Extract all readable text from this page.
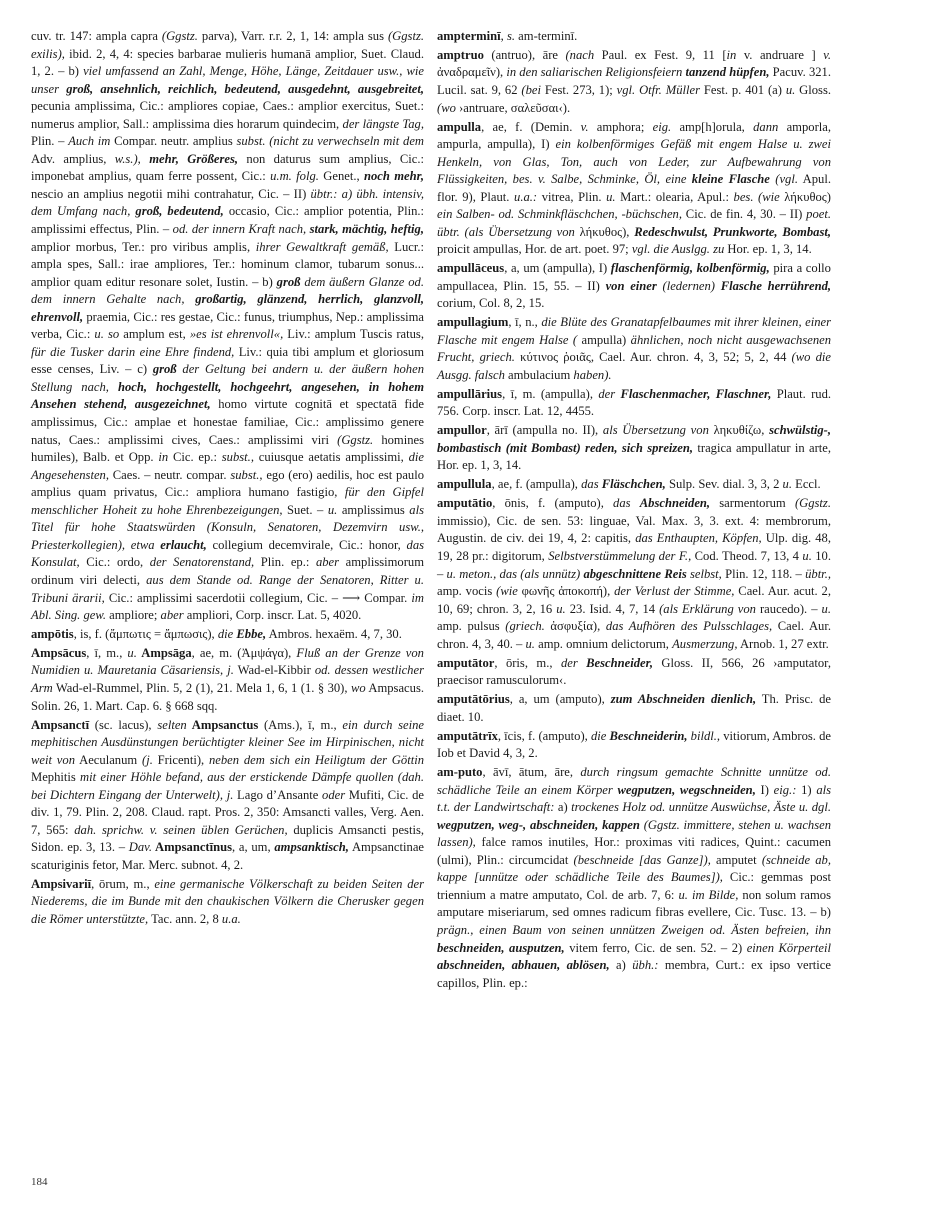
cuv. tr. 147: ampla capra (Ggstz. parva), Varr. r.r. 2, 1, 14: ampla sus (Ggstz. exilis), ibid. 2, 4, 4: species barbarae mulieris humanā amplior, Suet. Claud. 1, 2. – b) viel umfassend an Zahl, Menge, Höhe, Länge, Zeitdauer usw., wie unser groß, ansehnlich, reichlich, bedeutend, ausgedehnt, ausgebreitet, pecunia amplissima, Cic.: ampliores copiae, Caes.: amplior exercitus, Suet.: numerus amplior, Sall.: amplissima dies horarum quindecim, der längste Tag, Plin. – Auch im Compar. neutr. amplius subst. (nicht zu verwechseln mit dem Adv. amplius, w.s.), mehr, Größeres, non daturus sum amplius, Cic.: imponebat amplius, quam ferre possent, Cic.: u.m. folg. Genet., noch mehr, nescio an amplius negotii mihi contrahatur, Cic. – II) übtr.: a) übh. intensiv, dem Umfang nach, groß, bedeutend, occasio, Cic.: amplior potentia, Plin.: amplissimi effectus, Plin. – od. der innern Kraft nach, stark, mächtig, heftig, amplior morbus, Ter.: pro viribus amplis, ihrer Gewaltkraft gemäß, Lucr.: ampla spes, Sall.: irae ampliores, Ter.: hominum clamor, tubarum sonus... amplior quam editur resonare solet, Iustin. – b) groß dem äußern Glanze od. dem innern Gehalte nach, großartig, glänzend, herrlich, glanzvoll, ehrenvoll, praemia, Cic.: res gestae, Cic.: funus, triumphus, Nep.: amplissima verba, Cic.: u. so amplum est, »es ist ehrenvoll«, Liv.: amplum Tuscis ratus, für die Tusker darin eine Ehre findend, Liv.: quia tibi amplum et gloriosum esse censes, Liv. – c) groß der Geltung bei andern u. der äußern hohen Stellung nach, hoch, hochgestellt, hochgeehrt, angesehen, in hohem Ansehen stehend, ausgezeichnet, homo virtute cognitā et spectatā fide amplissimus, Cic.: amplae et honestae familiae, Cic.: amplissimo genere natus, Caes.: amplissimi cives, Caes.: amplissimi viri (Ggstz. homines humiles), Balb. et Opp. in Cic. ep.: subst., cuiusque aetatis amplissimi, die Angesehensten, Caes. – neutr. compar. subst., ego (ero) aedilis, hoc est paulo amplius quam privatus, Cic.: ampliora humano fastigio, für den Gipfel menschlicher Hoheit zu hohe Ehrenbezeigungen, Suet. – u. amplissimus als Titel für hohe Staatswürden (Konsuln, Senatoren, Dezemvirn usw., Priesterkollegien), etwa erlaucht, collegium decemvirale, Cic.: honor, das Konsulat, Cic.: ordo, der Senatorenstand, Plin. ep.: aber amplissimorum ordinum viri delecti, aus dem Stande od. Range der Senatoren, Ritter u. Tribuni ärarii, Cic.: amplissimi sacerdotii collegium, Cic. – ⟶ Compar. im Abl. Sing. gew. ampliore; aber ampliori, Corp. inscr. Lat. 5, 4020.

ampōtis, is, f. (ἄμπωτις = ἄμπωσις), die Ebbe, Ambros. hexaëm. 4, 7, 30.

Ampsācus, ī, m., u. Ampsāga, ae, m. (Ἀμψάγα), Fluß an der Grenze von Numidien u. Mauretania Cäsariensis, j. Wad-el-Kibbir od. dessen westlicher Arm Wad-el-Rummel, Plin. 5, 2 (1), 21. Mela 1, 6, 1 (1. § 30), wo Ampsacus. Solin. 26, 1. Mart. Cap. 6. § 668 sqq.

Ampsanctī (sc. lacus), selten Ampsanctus (Ams.), ī, m., ein durch seine mephitischen Ausdünstungen berüchtigter kleiner See im Hirpinischen, nicht weit von Aeculanum (j. Fricenti), neben dem sich ein Heiligtum der Göttin Mephitis mit einer Höhle befand, aus der erstickende Dämpfe quollen (dah. bei Dichtern Eingang der Unterwelt), j. Lago d’Ansante oder Mufiti, Cic. de div. 1, 79. Plin. 2, 208. Claud. rapt. Pros. 2, 350: Amsancti valles, Verg. Aen. 7, 565: dah. sprichw. v. seinen üblen Gerüchen, duplicis Amsancti pestis, Sidon. ep. 3, 13. – Dav. Ampsanctīnus, a, um, ampsanktisch, Ampsanctinae scaturiginis fetor, Mar. Merc. subnot. 4, 2.

Ampsivariī, ōrum, m., eine germanische Völkerschaft zu beiden Seiten der Niederems, die im Bunde mit den chaukischen Völkern die Cherusker gegen die Römer unterstützte, Tac. ann. 2, 8 u.a.

ampterminī, s. am-terminī.

amptruo (antruo), āre (nach Paul. ex Fest. 9, 11 [in v. andruare ] v. ἀναδραμεῖν), in den saliarischen Religionsfeiern tanzend hüpfen, Pacuv. 321. Lucil. sat. 9, 62 (bei Fest. 273, 1); vgl. Otfr. Müller Fest. p. 401 (a) u. Gloss. (wo ›antruare, σαλεῦσαι‹).

ampulla, ae, f. (Demin. v. amphora; eig. amp[h]orula, dann amporla, ampurla, ampulla), I) ein kolbenförmiges Gefäß mit engem Halse u. zwei Henkeln, von Glas, Ton, auch von Leder, zur Aufbewahrung von Flüssigkeiten, bes. v. Salbe, Schminke, Öl, eine kleine Flasche (vgl. Apul. flor. 9), Plaut. u.a.: vitrea, Plin. u. Mart.: olearia, Apul.: bes. (wie λήκυθος) ein Salben- od. Schminkfläschchen, -büchschen, Cic. de fin. 4, 30. – II) poet. übtr. (als Übersetzung von λήκυθος), Redeschwulst, Prunkworte, Bombast, proicit ampullas, Hor. de art. poet. 97; vgl. die Auslgg. zu Hor. ep. 1, 3, 14.

ampullāceus, a, um (ampulla), I) flaschenförmig, kolbenförmig, pira a collo ampullacea, Plin. 15, 55. – II) von einer (ledernen) Flasche herrührend, corium, Col. 8, 2, 15.

ampullagium, ī, n., die Blüte des Granatapfelbaumes mit ihrer kleinen, einer Flasche mit engem Halse ( ampulla) ähnlichen, noch nicht ausgewachsenen Frucht, griech. κύτινος ῥοιᾶς, Cael. Aur. chron. 4, 3, 52; 5, 2, 44 (wo die Ausgg. falsch ambulacium haben).

ampullārius, ī, m. (ampulla), der Flaschenmacher, Flaschner, Plaut. rud. 756. Corp. inscr. Lat. 12, 4455.

ampullor, ārī (ampulla no. II), als Übersetzung von ληκυθίζω, schwülstig-, bombastisch (mit Bombast) reden, sich spreizen, tragica ampullatur in arte, Hor. ep. 1, 3, 14.

ampullula, ae, f. (ampulla), das Fläschchen, Sulp. Sev. dial. 3, 3, 2 u. Eccl.

amputātio, ōnis, f. (amputo), das Abschneiden, sarmentorum (Ggstz. immissio), Cic. de sen. 53: linguae, Val. Max. 3, 3. ext. 4: membrorum, Augustin. de civ. dei 19, 4, 2: capitis, das Enthaupten, Köpfen, Ulp. dig. 48, 19, 28 pr.: digitorum, Selbstverstümmelung der F., Cod. Theod. 7, 13, 4 u. 10. – u. meton., das (als unnütz) abgeschnittene Reis selbst, Plin. 12, 118. – übtr., amp. vocis (wie φωνῆς ἀποκοπή), der Verlust der Stimme, Cael. Aur. acut. 2, 10, 69; chron. 3, 2, 16 u. 23. Isid. 4, 7, 14 (als Erklärung von raucedo). – u. amp. pulsus (griech. ἀσφυξία), das Aufhören des Pulsschlages, Cael. Aur. chron. 4, 3, 40. – u. amp. omnium delictorum, Ausmerzung, Arnob. 1, 27 extr.

amputātor, ōris, m., der Beschneider, Gloss. II, 566, 26 ›amputator, praecisor ramusculorum‹.

amputātōrius, a, um (amputo), zum Abschneiden dienlich, Th. Prisc. de diaet. 10.

amputātrīx, īcis, f. (amputo), die Beschneiderin, bildl., vitiorum, Ambros. de Iob et David 4, 3, 2.

am-puto, āvī, ātum, āre, durch ringsum gemachte Schnitte unnütze od. schädliche Teile an einem Körper wegputzen, wegschneiden, I) eig.: 1) als t.t. der Landwirtschaft: a) trockenes Holz od. unnütze Auswüchse, Äste u. dgl. wegputzen, weg-, abschneiden, kappen (Ggstz. immittere, stehen u. wachsen lassen), falce ramos inutiles, Hor.: proximas viti radices, Quint.: cacumen (ulmi), Plin.: circumcidat (beschneide [das Ganze]), amputet (schneide ab, kappe [unnütze oder schädliche Teile des Baumes]), Cic.: gemmas post triennium a matre amputato, Col. de arb. 7, 6: u. im Bilde, non solum ramos amputare miseriarum, sed omnes radicum fibras evellere, Cic. Tusc. 13. – b) prägn., einen Baum von seinen unnützen Zweigen od. Ästen befreien, ihn beschneiden, ausputzen, vitem ferro, Cic. de sen. 52. – 2) einen Körperteil abschneiden, abhauen, ablösen, a) übh.: membra, Curt.: ex ipso vertice capillos, Plin. ep.:

184
